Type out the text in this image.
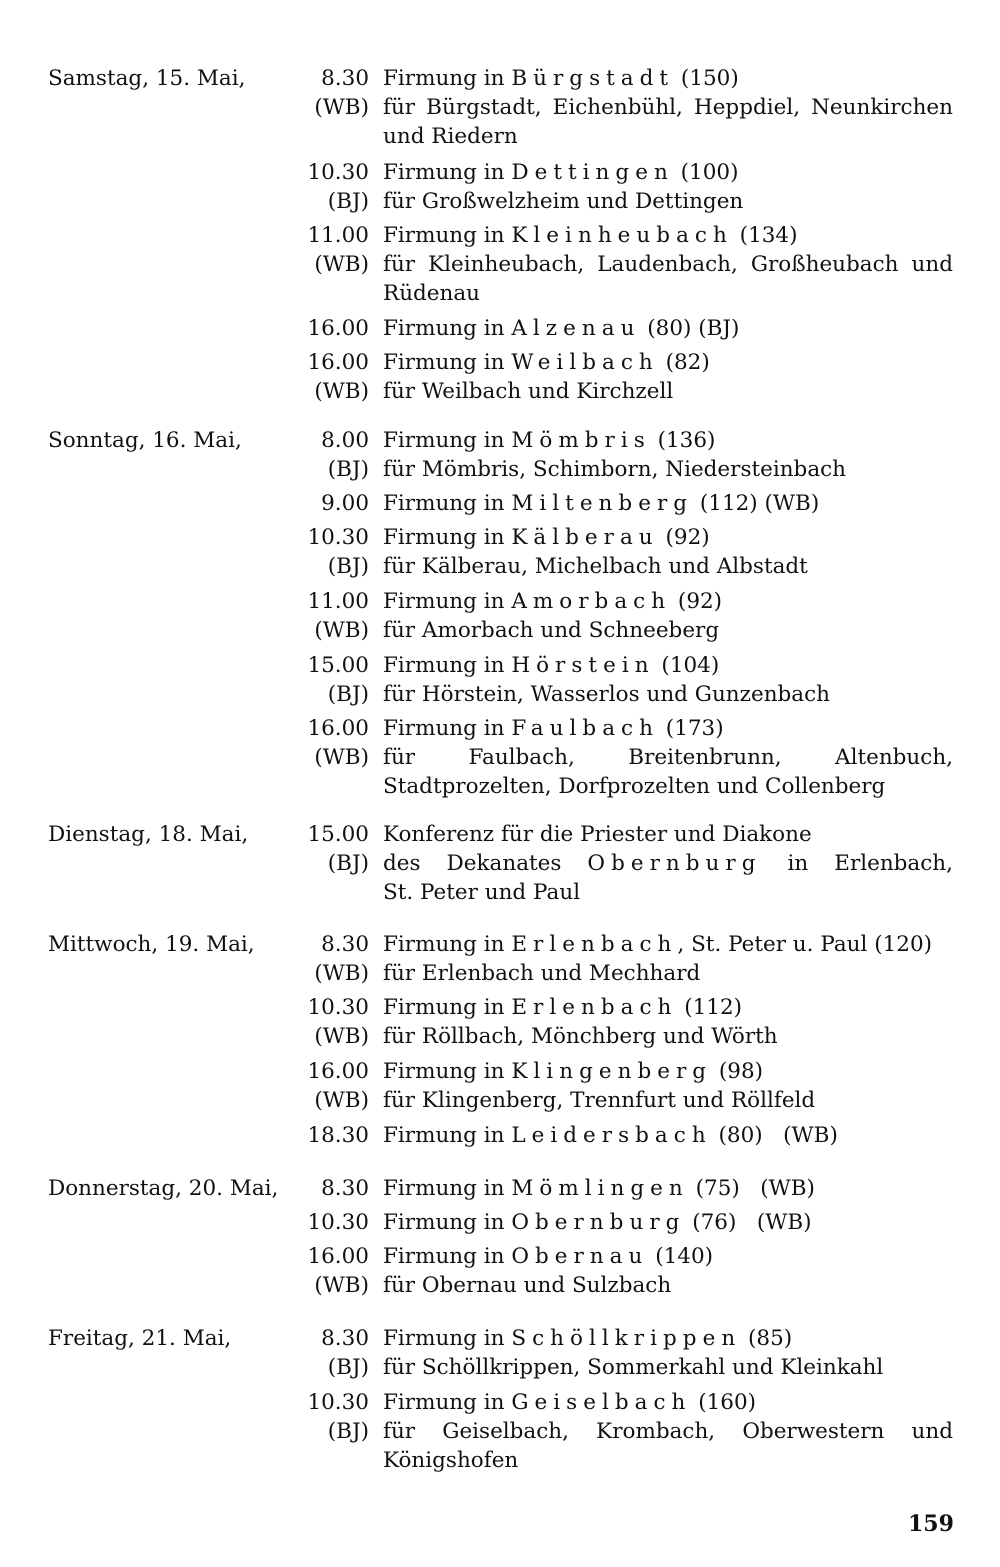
Samstag, 15. Mai,	8.30 Firmung in Bürgstadt (150)
(WB) für Bürgstadt, Eichenbühl, Heppdiel, Neunkirchen und Riedern
10.30 Firmung in Dettingen (100)
(BJ) für Großwelzheim und Dettingen
11.00 Firmung in Kleinheubach (134)
(WB) für Kleinheubach, Laudenbach, Großheubach und Rüdenau
16.00 Firmung in Alzenau (80) (BJ)
16.00 Firmung in Weilbach (82)
(WB) für Weilbach und Kirchzell
Sonntag, 16. Mai,	8.00 Firmung in Mömbris (136)
(BJ) für Mömbris, Schimborn, Niedersteinbach
9.00 Firmung in Miltenberg (112) (WB)
10.30 Firmung in Kälberau (92)
(BJ) für Kälberau, Michelbach und Albstadt
11.00 Firmung in Amorbach (92)
(WB) für Amorbach und Schneeberg
15.00 Firmung in Hörstein (104)
(BJ) für Hörstein, Wasserlos und Gunzenbach
16.00 Firmung in Faulbach (173)
(WB) für Faulbach, Breitenbrunn, Altenbuch, Stadtprozelten, Dorfprozelten und Collenberg
Dienstag, 18. Mai,	15.00 Konferenz für die Priester und Diakone
(BJ) des Dekanates Obernburg in Erlenbach,
St. Peter und Paul
Mittwoch, 19. Mai,	8.30 Firmung in Erlenbach, St. Peter u. Paul (120)
(WB) für Erlenbach und Mechhard
10.30 Firmung in Erlenbach (112)
(WB) für Röllbach, Mönchberg und Wörth
16.00 Firmung in Klingenberg (98)
(WB) für Klingenberg, Trennfurt und Röllfeld
18.30 Firmung in Leidersbach (80)   (WB)
Donnerstag, 20. Mai,	8.30 Firmung in Mömlingen (75)   (WB)
10.30 Firmung in Obernburg (76)   (WB)
16.00 Firmung in Obernau (140)
(WB) für Obernau und Sulzbach
Freitag, 21. Mai,	8.30 Firmung in Schöllkrippen (85)
(BJ) für Schöllkrippen, Sommerkahl und Kleinkahl
10.30 Firmung in Geiselbach (160)
(BJ) für Geiselbach, Krombach, Oberwestern und Königshofen
159
